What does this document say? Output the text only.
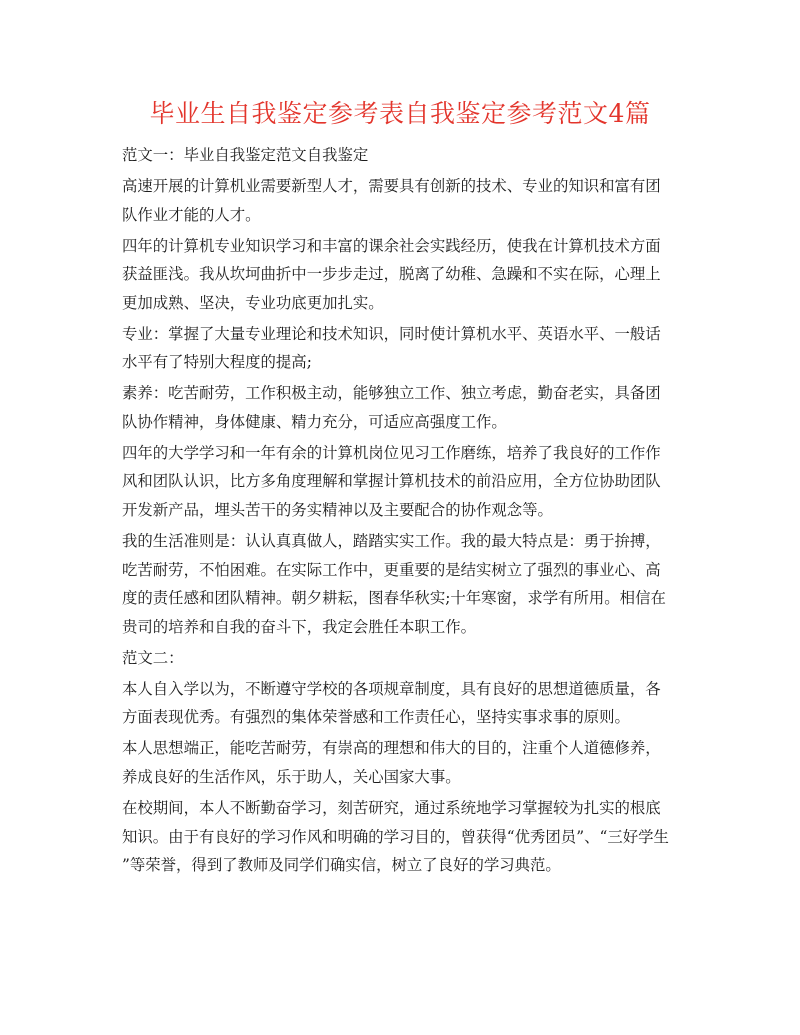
毕业生自我鉴定参考表自我鉴定参考范文4篇
范文一：毕业自我鉴定范文自我鉴定
高速开展的计算机业需要新型人才，需要具有创新的技术、专业的知识和富有团
队作业才能的人才。
四年的计算机专业知识学习和丰富的课余社会实践经历，使我在计算机技术方面
获益匪浅。我从坎坷曲折中一步步走过，脱离了幼稚、急躁和不实在际，心理上
更加成熟、坚决，专业功底更加扎实。
专业：掌握了大量专业理论和技术知识，同时使计算机水平、英语水平、一般话
水平有了特别大程度的提高;
素养：吃苦耐劳，工作积极主动，能够独立工作、独立考虑，勤奋老实，具备团
队协作精神，身体健康、精力充分，可适应高强度工作。
四年的大学学习和一年有余的计算机岗位见习工作磨练，培养了我良好的工作作
风和团队认识，比方多角度理解和掌握计算机技术的前沿应用，全方位协助团队
开发新产品，埋头苦干的务实精神以及主要配合的协作观念等。
我的生活准则是：认认真真做人，踏踏实实工作。我的最大特点是：勇于拚搏，
吃苦耐劳，不怕困难。在实际工作中，更重要的是结实树立了强烈的事业心、高
度的责任感和团队精神。朝夕耕耘，图春华秋实;十年寒窗，求学有所用。相信在
贵司的培养和自我的奋斗下，我定会胜任本职工作。
范文二：
本人自入学以为，不断遵守学校的各项规章制度，具有良好的思想道德质量，各
方面表现优秀。有强烈的集体荣誉感和工作责任心，坚持实事求事的原则。
本人思想端正，能吃苦耐劳，有崇高的理想和伟大的目的，注重个人道德修养，
养成良好的生活作风，乐于助人，关心国家大事。
在校期间，本人不断勤奋学习，刻苦研究，通过系统地学习掌握较为扎实的根底
知识。由于有良好的学习作风和明确的学习目的，曾获得“优秀团员”、“三好学生
”等荣誉，得到了教师及同学们确实信，树立了良好的学习典范。
